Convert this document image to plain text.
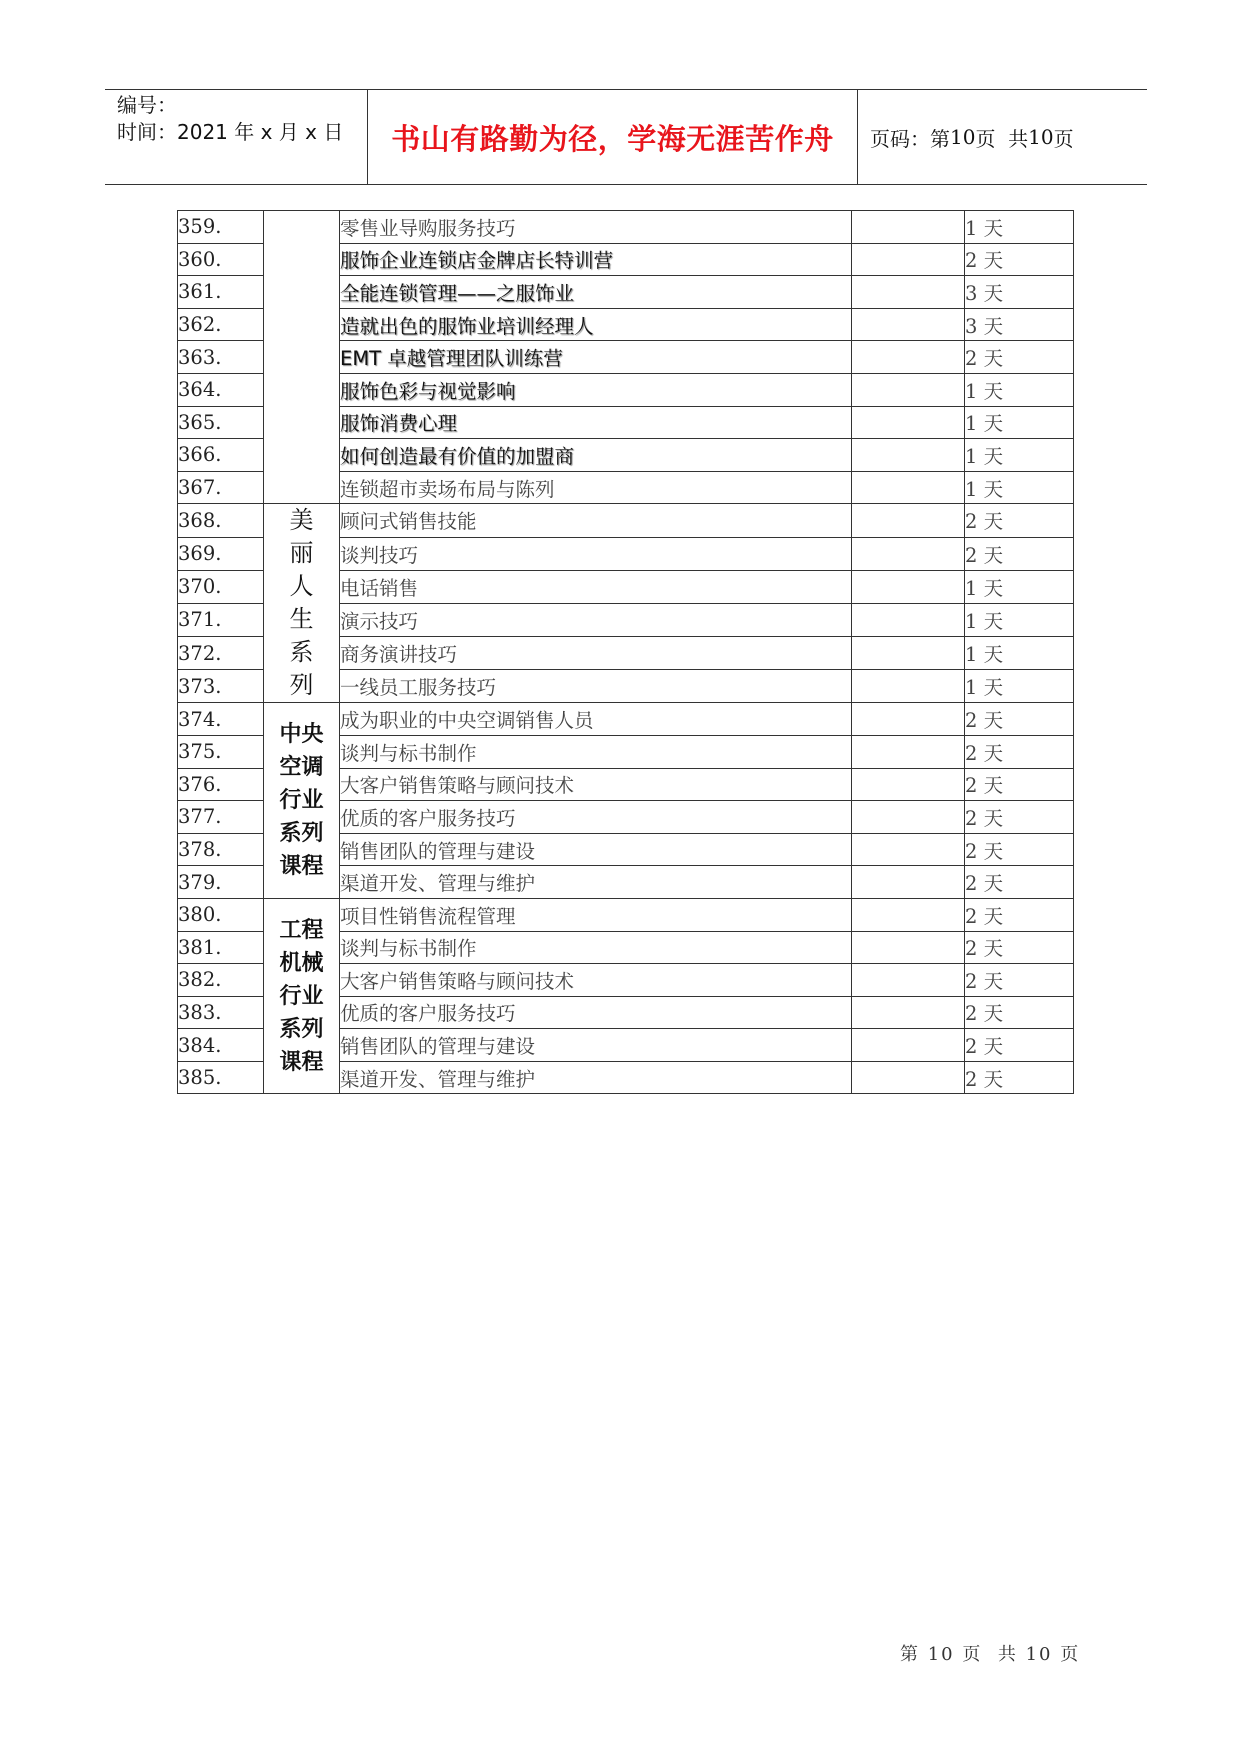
编号：
时间：2021 年 x 月 x 日	书山有路勤为径，学海无涯苦作舟	页码：第 10 页  共 10 页
359.		零售业导购服务技巧		1 天
360.		服饰企业连锁店金牌店长特训营		2 天
361.		全能连锁管理——之服饰业		3 天
362.		造就出色的服饰业培训经理人		3 天
363.		EMT 卓越管理团队训练营		2 天
364.		服饰色彩与视觉影响		1 天
365.		服饰消费心理		1 天
366.		如何创造最有价值的加盟商		1 天
367.		连锁超市卖场布局与陈列		1 天
368.	美丽人生系列	顾问式销售技能		2 天
369.		谈判技巧		2 天
370.		电话销售		1 天
371.		演示技巧		1 天
372.		商务演讲技巧		1 天
373.		一线员工服务技巧		1 天
374.	中央空调行业系列课程	成为职业的中央空调销售人员		2 天
375.		谈判与标书制作		2 天
376.		大客户销售策略与顾问技术		2 天
377.		优质的客户服务技巧		2 天
378.		销售团队的管理与建设		2 天
379.		渠道开发、管理与维护		2 天
380.	工程机械行业系列课程	项目性销售流程管理		2 天
381.		谈判与标书制作		2 天
382.		大客户销售策略与顾问技术		2 天
383.		优质的客户服务技巧		2 天
384.		销售团队的管理与建设		2 天
385.		渠道开发、管理与维护		2 天
第 10 页  共 10 页
